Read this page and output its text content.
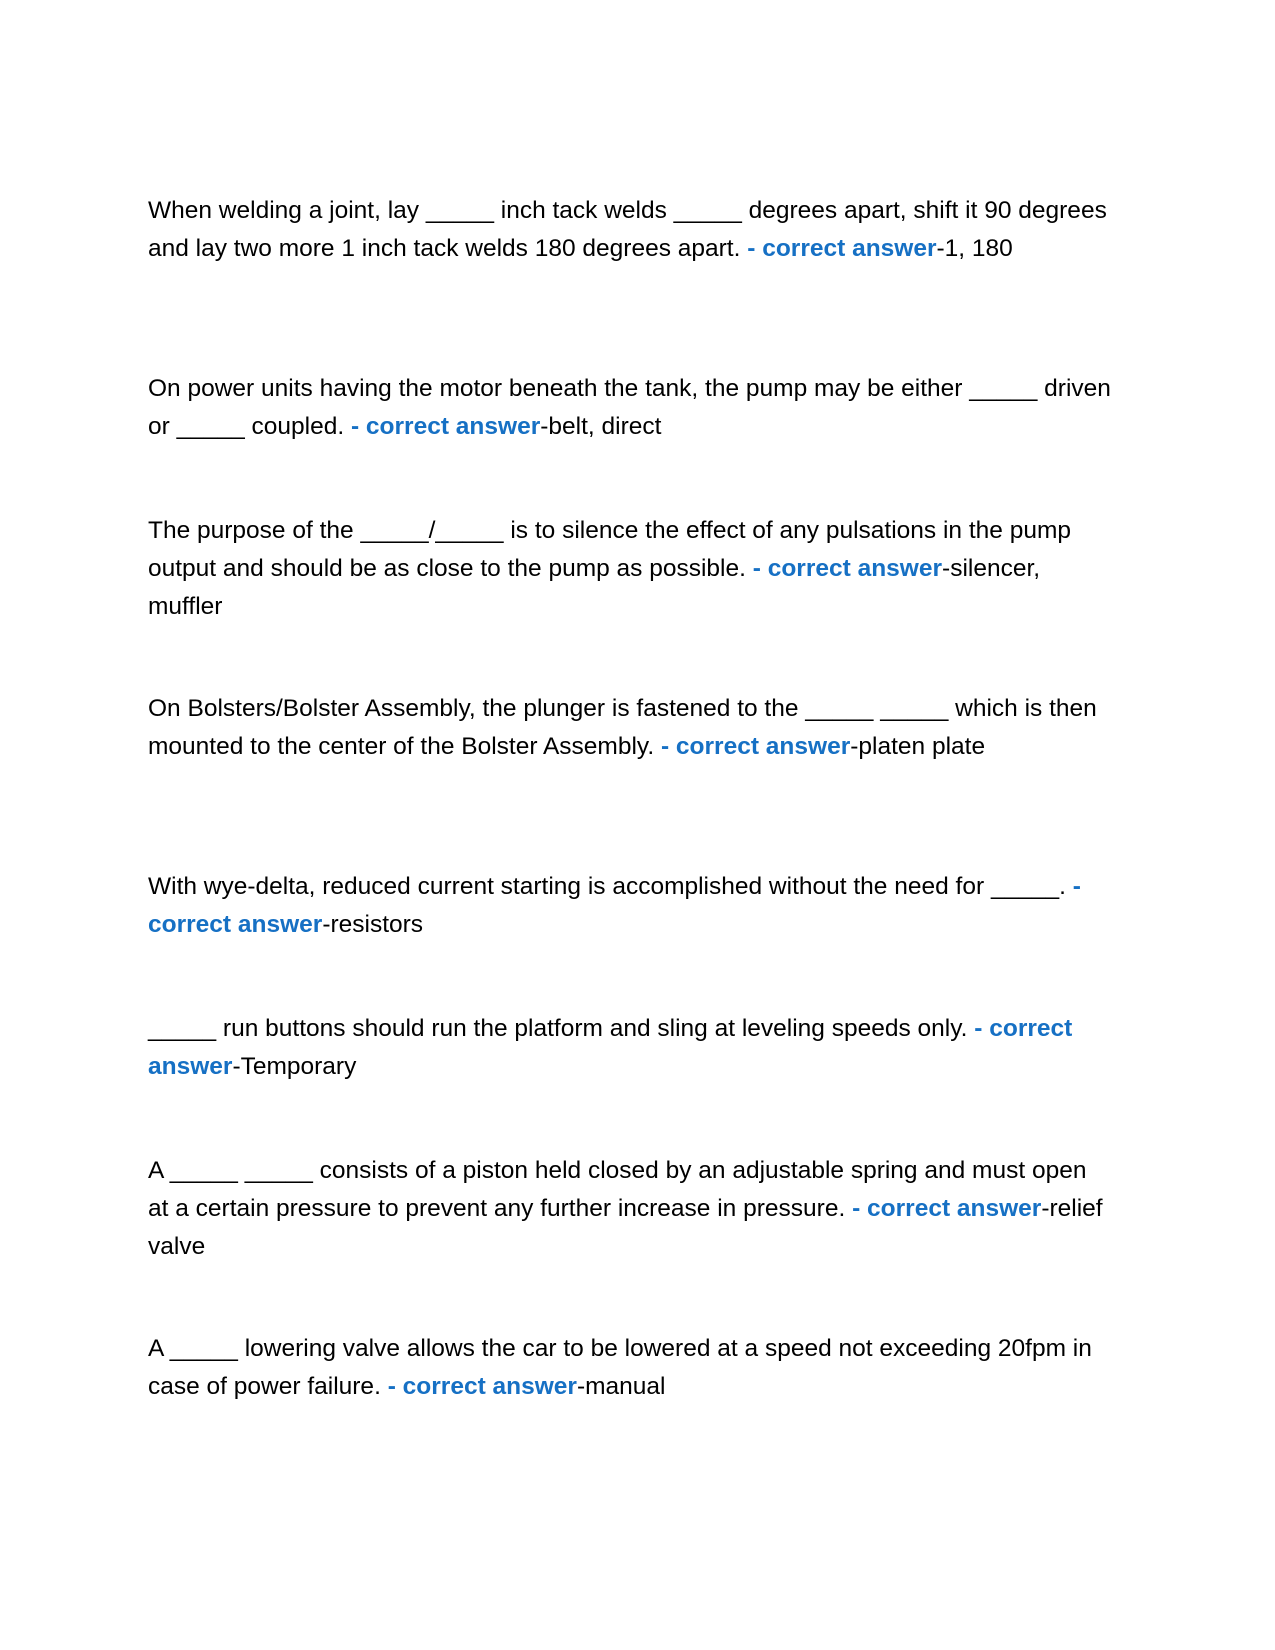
When welding a joint, lay _____ inch tack welds _____ degrees apart, shift it 90 degrees and lay two more 1 inch tack welds 180 degrees apart. - correct answer-1, 180

On power units having the motor beneath the tank, the pump may be either _____ driven or _____ coupled. - correct answer-belt, direct

The purpose of the _____/_____ is to silence the effect of any pulsations in the pump output and should be as close to the pump as possible. - correct answer-silencer, muffler

On Bolsters/Bolster Assembly, the plunger is fastened to the _____ _____ which is then mounted to the center of the Bolster Assembly. - correct answer-platen plate

With wye-delta, reduced current starting is accomplished without the need for _____. - correct answer-resistors

_____ run buttons should run the platform and sling at leveling speeds only. - correct answer-Temporary

A _____ _____ consists of a piston held closed by an adjustable spring and must open at a certain pressure to prevent any further increase in pressure. - correct answer-relief valve

A _____ lowering valve allows the car to be lowered at a speed not exceeding 20fpm in case of power failure. - correct answer-manual
